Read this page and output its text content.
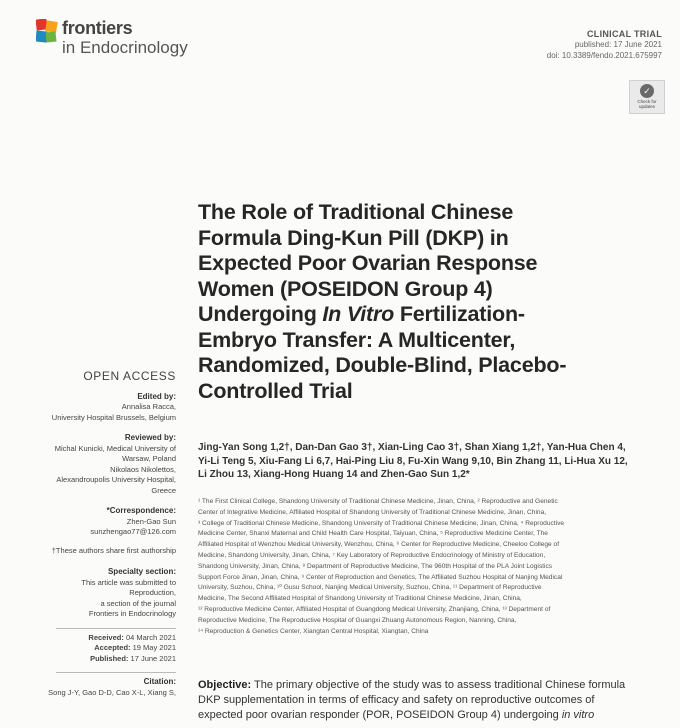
frontiers
in Endocrinology
CLINICAL TRIAL
published: 17 June 2021
doi: 10.3389/fendo.2021.675997
✓
Check for
updates
The Role of Traditional Chinese
Formula Ding-Kun Pill (DKP) in
Expected Poor Ovarian Response
Women (POSEIDON Group 4)
Undergoing In Vitro Fertilization-
Embryo Transfer: A Multicenter,
Randomized, Double-Blind, Placebo-
Controlled Trial
OPEN ACCESS
Edited by:
Annalisa Racca,
University Hospital Brussels, Belgium
Reviewed by:
Michal Kunicki, Medical University of
Warsaw, Poland
Nikolaos Nikolettos,
Alexandroupolis University Hospital,
Greece
*Correspondence:
Zhen-Gao Sun
sunzhengao77@126.com
†These authors share first authorship
Specialty section:
This article was submitted to
Reproduction,
a section of the journal
Frontiers in Endocrinology
Received: 04 March 2021
Accepted: 19 May 2021
Published: 17 June 2021
Citation:
Song J-Y, Gao D-D, Cao X-L, Xiang S,
Jing-Yan Song 1,2†, Dan-Dan Gao 3†, Xian-Ling Cao 3†, Shan Xiang 1,2†, Yan-Hua Chen 4,
Yi-Li Teng 5, Xiu-Fang Li 6,7, Hai-Ping Liu 8, Fu-Xin Wang 9,10, Bin Zhang 11, Li-Hua Xu 12,
Li Zhou 13, Xiang-Hong Huang 14 and Zhen-Gao Sun 1,2*
¹ The First Clinical College, Shandong University of Traditional Chinese Medicine, Jinan, China, ² Reproductive and Genetic
Center of Integrative Medicine, Affiliated Hospital of Shandong University of Traditional Chinese Medicine, Jinan, China,
³ College of Traditional Chinese Medicine, Shandong University of Traditional Chinese Medicine, Jinan, China, ⁴ Reproductive
Medicine Center, Shanxi Maternal and Child Health Care Hospital, Taiyuan, China, ⁵ Reproductive Medicine Center, The
Affiliated Hospital of Wenzhou Medical University, Wenzhou, China, ⁶ Center for Reproductive Medicine, Cheeloo College of
Medicine, Shandong University, Jinan, China, ⁷ Key Laboratory of Reproductive Endocrinology of Ministry of Education,
Shandong University, Jinan, China, ⁸ Department of Reproductive Medicine, The 960th Hospital of the PLA Joint Logistics
Support Force Jinan, Jinan, China, ⁹ Center of Reproduction and Genetics, The Affiliated Suzhou Hospital of Nanjing Medical
University, Suzhou, China, ¹⁰ Gusu School, Nanjing Medical University, Suzhou, China, ¹¹ Department of Reproductive
Medicine, The Second Affiliated Hospital of Shandong University of Traditional Chinese Medicine, Jinan, China,
¹² Reproductive Medicine Center, Affiliated Hospital of Guangdong Medical University, Zhanjiang, China, ¹³ Department of
Reproductive Medicine, The Reproductive Hospital of Guangxi Zhuang Autonomous Region, Nanning, China,
¹⁴ Reproduction & Genetics Center, Xiangtan Central Hospital, Xiangtan, China
Objective: The primary objective of the study was to assess traditional Chinese formula
DKP supplementation in terms of efficacy and safety on reproductive outcomes of
expected poor ovarian responder (POR, POSEIDON Group 4) undergoing in vitro
